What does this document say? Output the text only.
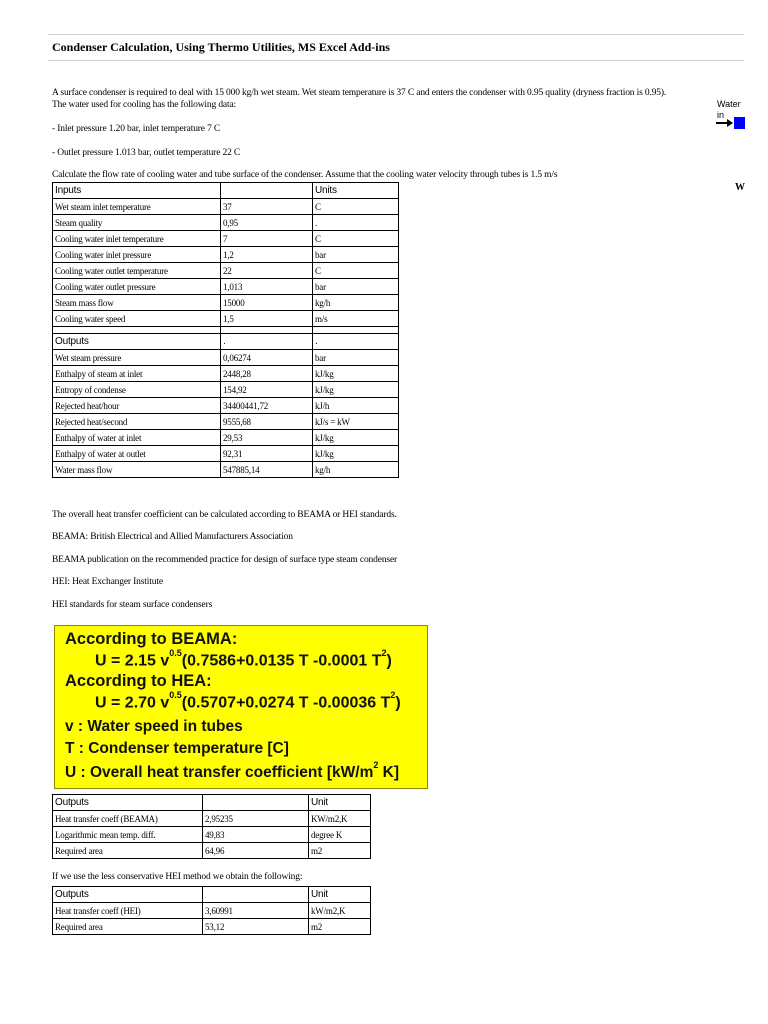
Condenser Calculation, Using Thermo Utilities, MS Excel Add-ins
A surface condenser is required to deal with 15 000 kg/h wet steam. Wet steam temperature is 37 C and enters the condenser with 0.95 quality (dryness fraction is 0.95).
The water used for cooling has the following data:
- Inlet pressure 1.20 bar, inlet temperature 7 C
- Outlet pressure 1.013 bar, outlet temperature 22 C
Calculate the flow rate of cooling water and tube surface of the condenser. Assume that the cooling water velocity through tubes is 1.5 m/s
Water
in
W
Inputs		Units
Wet steam inlet temperature	37	C
Steam quality	0,95	.
Cooling water inlet temperature	7	C
Cooling water inlet pressure	1,2	bar
Cooling water outlet temperature	22	C
Cooling water outlet pressure	1,013	bar
Steam mass flow	15000	kg/h
Cooling water speed	1,5	m/s

Outputs	.	.
Wet steam pressure	0,06274	bar
Enthalpy of steam at inlet	2448,28	kJ/kg
Entropy of condense	154,92	kJ/kg
Rejected heat/hour	34400441,72	kJ/h
Rejected heat/second	9555,68	kJ/s = kW
Enthalpy of water at inlet	29,53	kJ/kg
Enthalpy of water at outlet	92,31	kJ/kg
Water mass flow	547885,14	kg/h
The overall heat transfer coefficient can be calculated according to BEAMA or HEI standards.
BEAMA: British Electrical and Allied Manufacturers Association
BEAMA publication on the recommended practice for design of surface type steam condenser
HEI: Heat Exchanger Institute
HEI standards for steam surface condensers
According to BEAMA:
U = 2.15 $v^{0.5}(0.7586+0.0135$ T -0.0001 $T^2$)
According to HEA:
U = 2.70 $v^{0.5}(0.5707+0.0274$ T -0.00036 $T^2$)
v : Water speed in tubes
T : Condenser temperature [C]
U : Overall heat transfer coefficient [$kW/m^2$ K]
Outputs		Unit
Heat transfer coeff (BEAMA)	2,95235	KW/m2,K
Logarithmic mean temp. diff.	49,83	degree K
Required area	64,96	m2
If we use the less conservative HEI method we obtain the following:
Outputs		Unit
Heat transfer coeff (HEI)	3,60991	kW/m2,K
Required area	53,12	m2
